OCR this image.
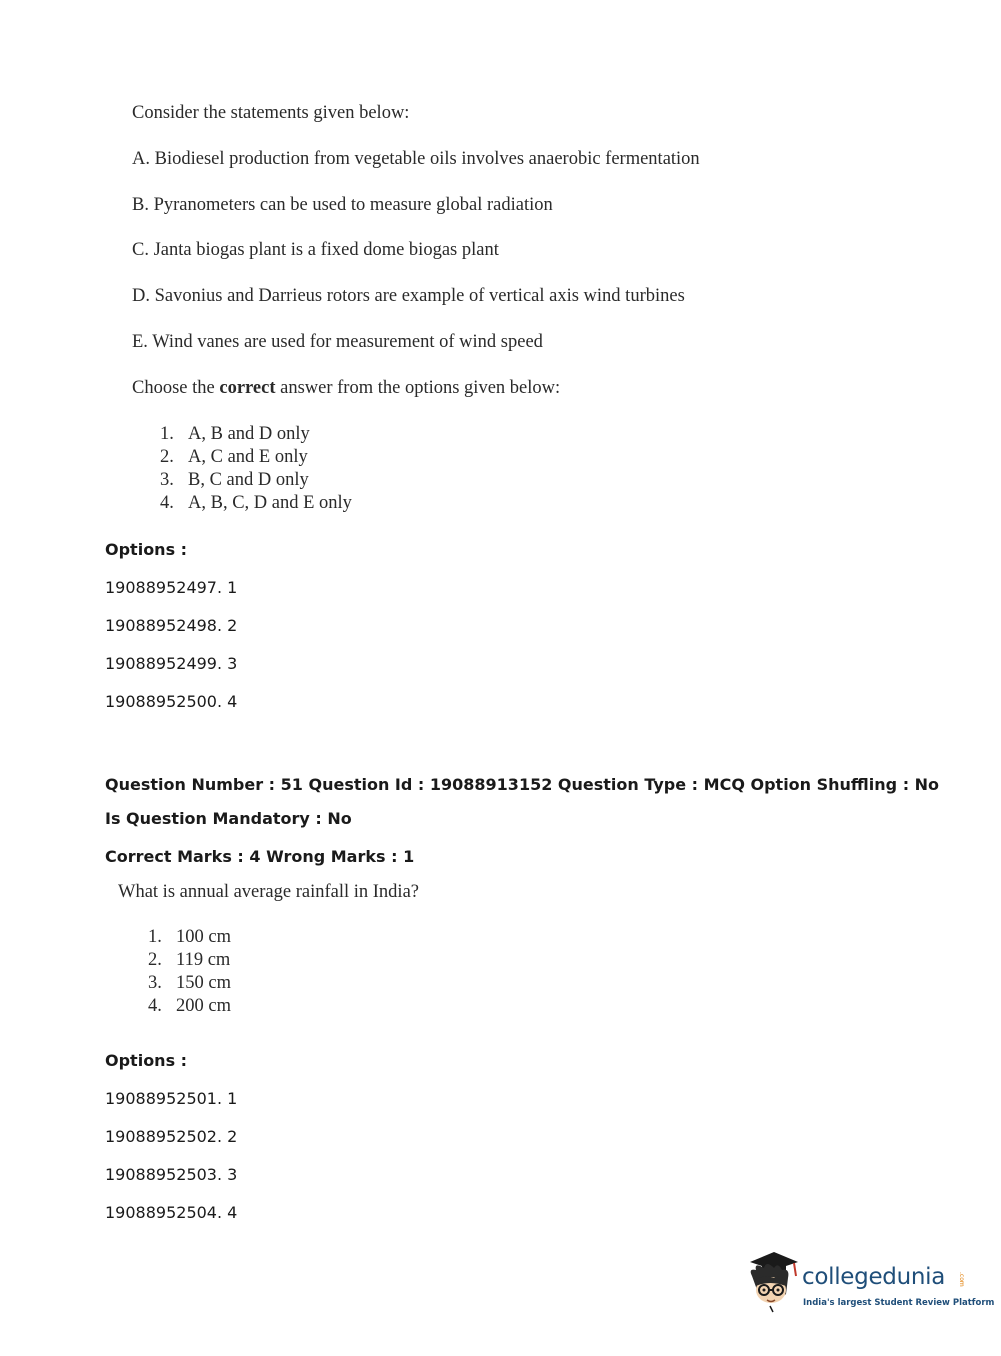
Consider the statements given below:
A. Biodiesel production from vegetable oils involves anaerobic fermentation
B. Pyranometers can be used to measure global radiation
C. Janta biogas plant is a fixed dome biogas plant
D. Savonius and Darrieus rotors are example of vertical axis wind turbines
E. Wind vanes are used for measurement of wind speed
Choose the correct answer from the options given below:
1. A, B and D only
2. A, C and E only
3. B, C and D only
4. A, B, C, D and E only
Options :
19088952497. 1
19088952498. 2
19088952499. 3
19088952500. 4
Question Number : 51 Question Id : 19088913152 Question Type : MCQ Option Shuffling : No
Is Question Mandatory : No
Correct Marks : 4 Wrong Marks : 1
What is annual average rainfall in India?
1. 100 cm
2. 119 cm
3. 150 cm
4. 200 cm
Options :
19088952501. 1
19088952502. 2
19088952503. 3
19088952504. 4
collegedunia .com
India's largest Student Review Platform
